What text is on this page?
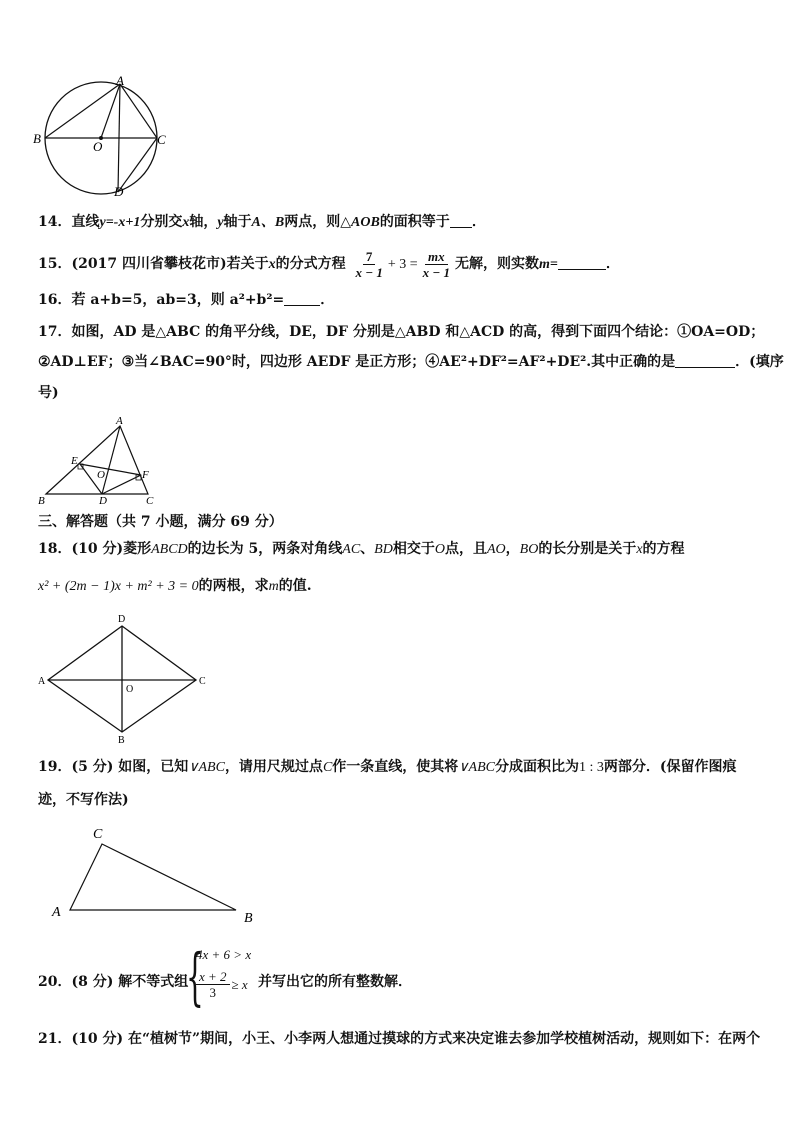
A
B	C
D
O
14．直线y=-x+1分别交x轴，y轴于A、B两点，则△AOB的面积等于 ．
15．(2017 四川省攀枝花市)若关于x的分式方程 $\frac{7}{x - 1} + 3 = \frac{mx}{x - 1}$ 无解，则实数m=	．
16．若 a+b=5，ab=3，则 a²+b²=	．
17．如图，AD 是△ABC 的角平分线，DE，DF 分别是△ABD 和△ACD 的高，得到下面四个结论：①OA=OD；
②AD⊥EF；③当∠BAC=90°时，四边形 AEDF 是正方形；④AE²+DF²=AF²+DE².其中正确的是	．(填序
号)
A
B	C
D
E
F
O
三、解答题（共 7 小题，满分 69 分）
18．(10 分)菱形ABCD的边长为 5，两条对角线AC、BD相交于O点，且AO，BO的长分别是关于x的方程
x² + (2m − 1)x + m² + 3 = 0的两根，求m的值.
D
A	C
B
O
19．(5 分) 如图，已知∨ABC，请用尺规过点C作一条直线，使其将∨ABC分成面积比为1 : 3两部分．(保留作图痕
迹，不写作法)
C
A	B
20．(8 分) 解不等式组
{
4x + 6 > x
$\frac{x + 2}{3} \ge x$ 并写出它的所有整数解．
21．(10 分) 在“植树节”期间，小王、小李两人想通过摸球的方式来决定谁去参加学校植树活动，规则如下：在两个
